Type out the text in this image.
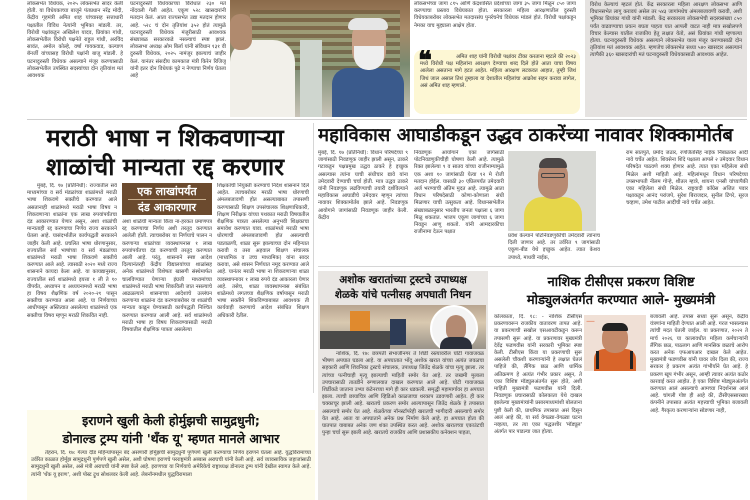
लोकसभेत विधेयक, २०२५ लोकसभेत सादर केली होती. या विधेयकाच्या बाजूने पंतप्रधान नरेंद्र मोदी, केंद्रीय गृहमंत्री अमित शाह यांच्यासह सत्ताधारी पक्षातील विविध नेत्यांनी भूमिका मांडली. तर, विरोधी पक्षांकडून अखिलेश यादव, प्रियांका गांधी, लोकसभेतील विरोधी पक्षनेते राहुल गांधी, अरविंद सावंत, अमोल कोल्हे, वर्षा गायकवाड, कल्याण बॅनर्जी यांच्यासह विरोधी पक्षांनी बाजू मांडली. हे घटनादुरुस्ती विधेयक असल्याने मंजूर करण्यासाठी लोकसभेतील उपस्थित सदस्यांच्या दोन तृतियांश मतं आवश्यक
घटनादुरुस्ती विधेयकाच्या विरोधात २३० मतं नोंदवली गेली आहेत. एकूण ५२८ खासदारांनी मतदान केलं. आता राज्यसभेत उद्या मतदान होणार आहे. ५२८ चं दोन तृतियांश ३५२ होतं त्यामुळे घटनादुरुस्ती विधेयक मंजुरीसाठी आवश्यक संख्याबळ सरकारकडे नसल्याचं स्पष्ट झालं. लोकसभा अध्यक्ष ओम बिर्ला यांनी संविधान १३१ वी दुरुस्ती विधेयक, २०२५ नामंजूर झाल्याचं जाहीर केलं. यानंतर संसदीय कामकाज मंत्री किरेन रिजिजू यांनी इतर दोन विधेयकं पुढे न नेण्याचा निर्णय घेतला आहे
लोकसभेच्या जागा ८१५ आणि केंद्रशासित प्रदेशांच्या जागा ३५ जागा मिळून ८५० जागा करण्याचा प्रस्ताव विधेयकात होता. सरकारला महिला आरक्षणातील दुरुस्ती विधेयकाबरोबर लोकसभेत मतदारसंघ पुनर्रचनेचं विधेयक मांडलं होतं. विरोधी पक्षांकडून नेमका याच मुद्द्याला आक्षेप होता.
❝	अमित शाह यांनी विरोधी पक्षांवर टीका करताना म्हटले की २०२३ मध्ये विरोधी पक्ष महिलांना आरक्षण देण्याचा शब्द दिले होते आता याचा विषय आलेला असताना मागे हटत आहेत. महिला आरक्षण लटकवत आहात, तुम्ही जिथं जिथं जाल असाल तिथं तुम्हाला या देशातील महिलांचा आक्रोश सहन करावा लागेल, असं अमित शाह म्हणाले.
विरोध केल्याचं म्हटलं होतं. केंद्र सरकारला महिला आरक्षण लोकसभा आणि विधानसभेत लागू करावयं असेल तर ५४३ जागांमधेच अंमलबजावणी करावी, अशी भूमिका प्रियांका गांधी यांनी मांडली. केंद्र सरकारला लोकसभेची सदस्यसंख्या ८५० पर्यंत वाढवण्याचा प्रयत्न बघता पाहता यात आपली वाटत नाही मात्र सखोलपणे विचार केल्यास यातील राजकीय हेतू लक्षात येतो, असं प्रियांका गांधी म्हणाल्या होत्या. घटनादुरुस्ती विधेयक असल्याने लोकसभेत याला मंजूर करण्यासाठी दोन तृतियांश मतं आवश्यक आहेत. म्हणजेच लोकसभेत सध्या ५४० खासदार असल्यानं त्यापैकी ३६० खासदारांची मतं घटनादुरुस्ती विधेयकासाठी आवश्यक आहेत.
मराठी भाषा न शिकवणाऱ्या
शाळांची मान्यता रद्द करणार
मुंबई, दि. १७ (प्रतिनिधी): राज्यातील सर्व माध्यमांच्या व सर्व मंडळांच्या शाळांमध्ये मराठी भाषा शिकवणे सक्तीचे करण्यात आले असतानाही शाळांमध्ये मराठी भाषा विषय न शिकवणाऱ्या शाळांना एक लाख रुपयांपर्यंतचा दंड आकारण्यात येणार असून, अशा शाळांची मान्यताही रद्द करण्याचा निर्णय राज्य सरकारने घेतला आहे. यासंदर्भातील कार्यपद्धती सरकारने जाहीर केली आहे. प्रचलित भाषा धोरणानुसार, राज्यातील सर्व भाषांच्या व सर्व मंडळांच्या शाळांमध्ये मराठी भाषा शिकवणे सक्तीचे करण्यात आले आहे. त्यासाठी २०२० मध्ये राज्य शासनाने कायदा केला आहे. या कायद्यानुसार, राज्यातील सर्व शाळांमध्ये इयत्ता १ ली ते १० वीपर्यंत, अध्यापन व अध्ययनामध्ये मराठी भाषा हा विषय शैक्षणिक वर्ष २०२०-२१ पासून सक्तीचा करण्यात आला आहे. या निर्णयाच्या आधीपासून अस्तित्वात असलेल्या शाळांमध्ये एक सक्तीचा विषय म्हणून मराठी शिकवित नाही.
एक लाखांपर्यंत
दंड आकारणार
अशा शाळेची मान्यता किंवा ना-हरकत प्रमाणपत्र रद्द करण्याचा निर्णय अशी तरतूद करण्यात आलेली होती. त्याचबरोबर या निर्णयाचे पालन न करणाऱ्या शाळांच्या व्यवस्थापनास १ लाख रुपयांपर्यंतचा दंड करण्याची तरतूद करण्यात आली आहे. परंतु, शासनाने स्पष्ट आदेश दिल्यानंतरही केंद्रीय विद्यालयांच्या शाळांसह अनेक शाळांमध्ये विशेषतः खासगी संस्थेमार्फत चालविण्यात येणाऱ्या इंग्रजी माध्यमांच्या शाळांमध्ये मराठी भाषा शिकविली जात नसल्याचे आढळल्याने शासनाच्या आदेशाचे उल्लंघन करणाऱ्या शाळांना दंड करण्याबरोबर या शाळांची मान्यता काढून घेण्यासाठी कार्यपद्धती निश्चित करण्यात करण्यात आली आहे. सर्व शाळांमध्ये मराठी भाषा हा विषय शिकवण्यासाठी मराठी विषयातील शैक्षणिक पात्रता असलेल्या
शिक्षकांची नियुक्ती करण्याचे निर्देश शासनाने दिले आहेत. त्याचबरोबर मराठी भाषा धोरणाची अंमलबजावणी होत असल्याबाबत तपासणी करण्यासाठी शिक्षण उपसंचालक शिक्षणाधिकारी, शिक्षण निरीक्षक यांच्या पथकात मराठी विषयातील शैक्षणिक पात्रता असलेल्या अनुभवी शिक्षकाचा समावेश करण्यात यावा. शाळांमध्ये मराठी भाषा धोरणाची अंमलबजावणी होत असल्याची पडताळणी, शाळा सुरू झाल्याच्या दोन महिन्यात करावी व तसा अहवाल शिक्षण संचालक (माध्यमिक व उच्च माध्यमिक) यांना सादर करावा, असे शासन निर्णयात नमूद करण्यात आले आहे. यानंतर मराठी भाषा ना शिकवणाऱ्या शाळा व्यवस्थापनावर १ लाख रुपये दंड आकारला येणार आहे. तसेच, शाळा व्यवस्थापनास संबंधित शाळेमध्ये लगतच्या शैक्षणिक वर्षापासून मराठी भाषा सक्तीने शिकविण्याबाबत आवश्यक ती कार्यवाही करण्याचे आदेश संबंधित शिक्षण अधिकारी देतील.
महाविकास आघाडीकडून उद्धव ठाकरेंच्या नावावर शिक्कामोर्तब
मुंबई, दि. १७ (प्रतिनिधी): विधान परिषदेच्या ९ जागांसाठी निवडणूक जाहीर झाली असून, ठाकरे गटाकडून पक्षप्रमुख उद्धव ठाकरे हे इच्छुक असल्यास त्यांना याची संधीचार द्यावे यांना उमेदवारी देण्याची चर्चा होती. मात्र उद्धव ठाकरे यांनी निवडणूक लढविण्याची तयारी दर्शविल्याने महाविकास आघाडीचे उमेदवार म्हणून त्यांच्या नावावर शिक्कामोर्तब झाले आहे. निवडणूक आयोगाने जागांसाठी निवडणूक जाहीर केली. केंद्रीय
निवडणूक आयोगाने एका जागेसाठी पोटनिवडणुकीचीही घोषणा केली आहे. त्यामुळे रिक्त झालेल्या ९ व सातव यांच्या राजीनाम्यामुळे एक अशा १० जागांसाठी येत्या १२ मे रोजी मतदान होईल. यासाठी ३० एप्रिलपर्यंत उमेदवारी अर्ज भरण्याची अंतिम मुदत आहे. त्यामुळे आता विधान परिषदेसाठी कोणा-कोणाला संधी मिळणार याची उत्सुकता आहे. विधानसभेतील संख्याबळानुसार भारतीय जनता पक्षाला ६ जागा मिळू शकतात. भाजप एकूण जागांच्या ६ जागा निवडून आणू शकतो. यांनी आमदारकीचा राजीनामा देऊन पक्षात
प्रवेश केल्याने पोटनिवडणुकीची उमेदवारी त्यांनाच दिली जाणार आहे. तर उर्वरित ९ जागांसाठी एकूण-बीड येथे इच्छुक आहेत. त्यात केशव उपाध्ये, माधवी नाईक,
राम सातपुते, प्रमोद जठार, रणजितसिंह नाईक निंबाळकर आदी नावे चर्चेत आहेत. शिवसेना शिंदे पक्षाला आपले २ उमेदवार विधान परिषदेत पाठवणे शक्य होणार आहे. त्यात एका महिलेला संधी मिळेल अशी माहिती आहे. महिलांमधून विधान परिषदेच्या उपसभापती नीलम गोऱ्हे, शीतल म्हात्रे, शायना एनसी यांच्यापैकी एका महिलेला संधी मिळेल. राष्ट्रवादी काँग्रेस अजित पवार पक्षाकडून आनंद परांजपे, सुरेश बिराजदार, सुनील टिंगरे, सूरज चव्हाण, उमेश पाटील आदींची नावे चर्चेत आहेत.
अशोक खरातांच्या ट्रस्टचे उपाध्यक्ष
शेळके यांचे पत्नीसह अपघाती निधन
नाशिक, दि. १७: छत्रपती संभाजीनगर ते शिर्डी रस्त्यावरील घोटी गावाजवळ भीषण अपघात घडला आहे. या अपघातात भोंदू अशोक खरात यांच्या अत्यंत जवळचा सहकारी आणि शिवनिका ट्रस्टचे संचालक, उपाध्यक्ष जितेंद्र शेळके यांचा मृत्यू झाला. तर त्यांच्या पत्नीचाही मृत्यू झाल्याची माहिती समोर येत आहे. तर जखमी मुलाला उपचारासाठी तातडीने रुग्णालयात दाखल करण्यात आले आहे. घोटी गावाजवळ शिर्डीकडे जाताना उभ्या कंटेनरच्या मागे ही कार धडकली. समृद्धी महामार्गावर हा अपघात झाला. त्याची छायाचित्र आणि व्हिडिओ काळजाचा थरकाप उडवणारी आहेत. ही कार चक्काचूर झाली आहे. खरातचे प्रकरण समोर आल्यापासून जितेंद्र शेळके हे तपासात असल्याचे समोर येत आहे. शेळकेंच्या नॉनस्टॉपरेही खरातची भागीदारी असल्याचे समोर येत आहे. आता या अपघाताने अनेक प्रश्न निर्माण केले आहे. हा अपघात होता की घातपात याबाबत अनेक जण शंका उपस्थित करत आहे. अशोक खरातच्या एकाउंटची पुन्हा चर्चा सुरू झाली आहे. खरातचे राजकीय आणि प्रशासकीय कनेक्शन पाहता,
नाशिक टीसीएस प्रकरण विशिष्ट
मोड्युलअंतर्गत करण्यात आले- मुख्यमंत्री
कोलकाता, दि. १८: - नाशिक टीसीएस प्रकरणावरून राजकीय वातावरण तापत आहे. या प्रकरणाची सखोल एसआयटीकडून करून तपासणी सुरू आहे. या प्रकरणावर मुख्यमंत्री देवेंद्र फडणवीस यांनी सरकारी भूमिका स्पष्ट केली. टीसीएस किंवा या प्रकरणाची सुरू असलेली चौकशी करणाऱ्यांनी हे लक्षात घेतलं पाहिजे की, लैंगिक छळ आणि धार्मिक अतिक्रमण हे अत्यंत गंभीर प्रकार असून, ते एका विशिष्ट मॉड्युलअंतर्गत सुरू होते, अशी माहिती मुख्यमंत्री फडणवीस यांनी दिली. निवडणूक प्रचारासाठी कोलकाता येथे दाखल झालेल्या मुख्यमंत्र्यांनी प्रसारमाध्यमांशी बोलताना पुष्टी केली की, प्राथमिक तपासात असं दिसून आलं आहे की, या सर्व वेगळ्या-वेगळ्या घटना नव्हत्या, तर त्या एका पद्धतशीर 'मॉड्यूल' अंतर्गत पार पाडल्या जात होत्या.
—	बजावली आहे. तपास सध्या सुरू असून, केंद्रीय यंत्रणांना माहिती देण्यात आली आहे. गरज भासल्यास त्यांची मदत घेतली जाईल. या प्रकरणात, २०२२ ते मार्च २०२६ या कालावधीत महिला कर्मचाऱ्यांनी लैंगिक छळ, पाठलाग आणि मानसिक छळाचे आरोप करत अनेक एफआयआर दाखल केले आहेत. मुख्यमंत्री फडणवीस यांनी यावर जोर दिला की, राज्य सरकार हे प्रकरण अत्यंत गांभीर्याने घेत आहे. हे प्रकरण खूप गंभीर असून, आम्ही त्यावर अत्यंत कठोर कारवाई करत आहोत. हे एका विशिष्ट मोड्युलअंतर्गत करण्यात आलं असल्याचे आमच्या निदर्शनास आलं आहे. चांगली गोष्ट ही आहे की, टीसीएससारख्या कंपनीने तपासात अत्यंत महत्त्वाची भूमिका बजावली आहे. गैरकृत्य करणाऱ्यांना सोडणार नाही,
इराणने खुली केली होर्मुझची सामुद्रधुनी;
डोनाल्ड ट्रम्प यांनी 'थँक यू' म्हणत मानले आभार
तेहरान, दि. १७: गेल्या दीड महिन्यांपासून बंद असणारी होर्मुझची सामुद्रधुनी पूर्णपणे खुली करण्याचा निर्णय इराणने घेतला आहे. युद्धविरामाच्या उर्वरित काळात होर्मुझ सामुद्रधुनी पूर्णपणे खुली असेल, अशी घोषणा इराणचे परराष्ट्रमंत्री अब्बास अराघची यांनी केली आहे. सर्व व्यावसायिक जहाजांसाठी सामुद्रधुनी खुली असेल, असे मंत्री अराघची यांनी स्पष्ट केले आहे. इराणच्या या निर्णयाचे अमेरिकेचे राष्ट्राध्यक्ष डोनाल्ड ट्रम्प यांनी देखील स्वागत केले आहे. त्यांनी 'थँक यू इराण', अशी पोस्ट ट्रुथ सोशलवर केली आहे. लेबनॉनमधील युद्धविरामाला
